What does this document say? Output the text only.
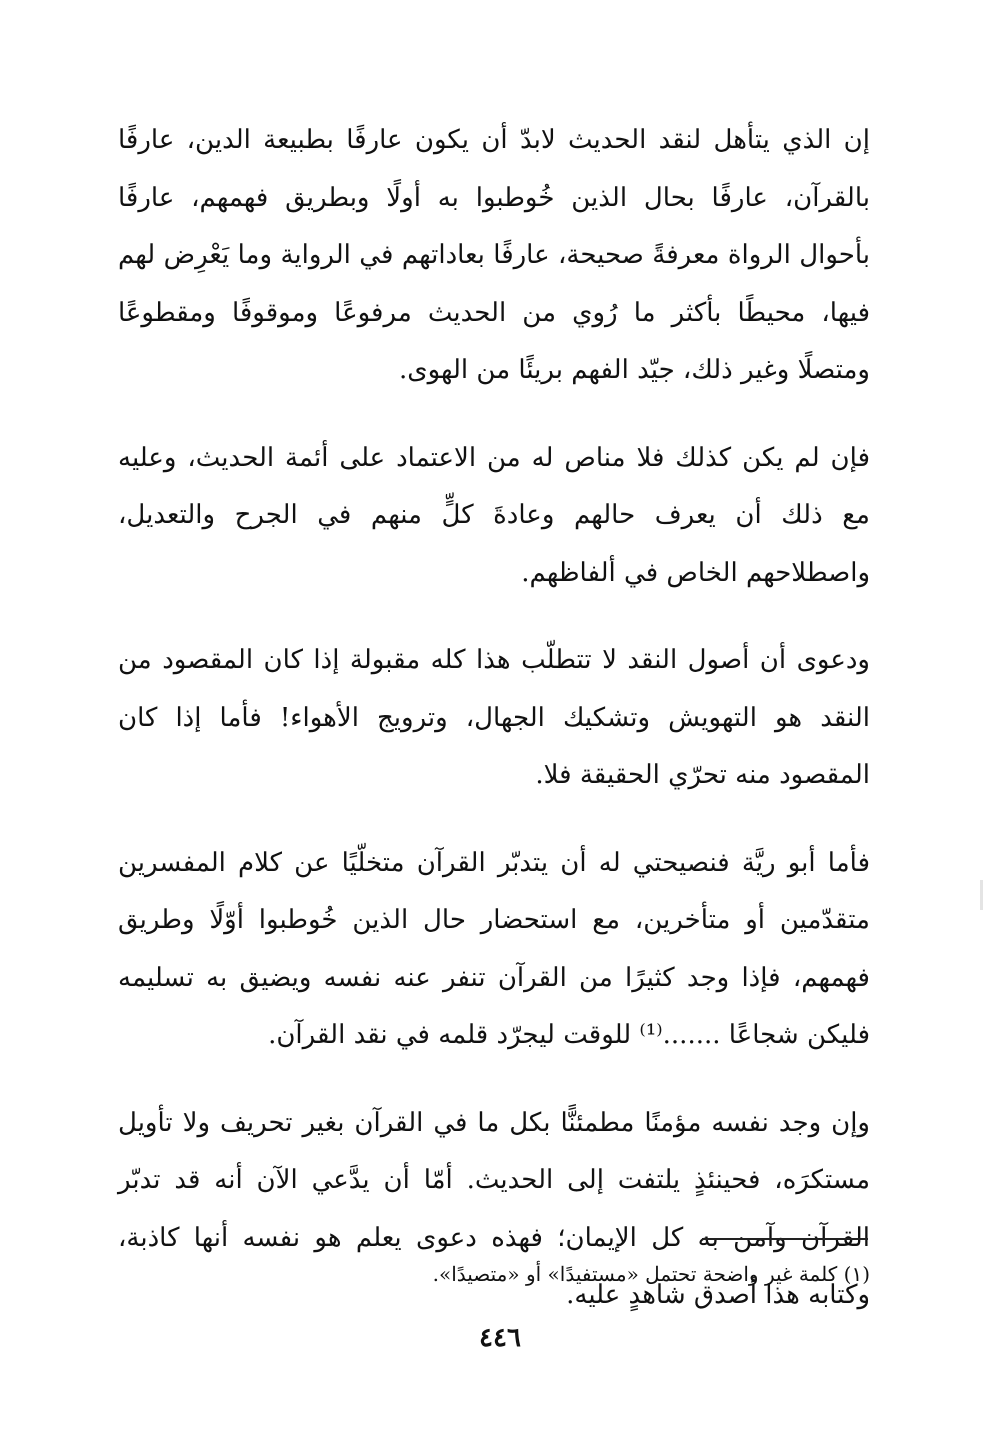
إن الذي يتأهل لنقد الحديث لابدّ أن يكون عارفًا بطبيعة الدين، عارفًا بالقرآن، عارفًا بحال الذين خُوطبوا به أولًا وبطريق فهمهم، عارفًا بأحوال الرواة معرفةً صحيحة، عارفًا بعاداتهم في الرواية وما يَعْرِض لهم فيها، محيطًا بأكثر ما رُوي من الحديث مرفوعًا وموقوفًا ومقطوعًا ومتصلًا وغير ذلك، جيّد الفهم بريئًا من الهوى.

فإن لم يكن كذلك فلا مناص له من الاعتماد على أئمة الحديث، وعليه مع ذلك أن يعرف حالهم وعادةَ كلٍّ منهم في الجرح والتعديل، واصطلاحهم الخاص في ألفاظهم.

ودعوى أن أصول النقد لا تتطلّب هذا كله مقبولة إذا كان المقصود من النقد هو التهويش وتشكيك الجهال، وترويج الأهواء! فأما إذا كان المقصود منه تحرّي الحقيقة فلا.

فأما أبو ريَّة فنصيحتي له أن يتدبّر القرآن متخلّيًا عن كلام المفسرين متقدّمين أو متأخرين، مع استحضار حال الذين خُوطبوا أوّلًا وطريق فهمهم، فإذا وجد كثيرًا من القرآن تنفر عنه نفسه ويضيق به تسليمه فليكن شجاعًا .......⁽¹⁾ للوقت ليجرّد قلمه في نقد القرآن.

وإن وجد نفسه مؤمنًا مطمئنًّا بكل ما في القرآن بغير تحريف ولا تأويل مستكرَه، فحينئذٍ يلتفت إلى الحديث. أمّا أن يدَّعي الآن أنه قد تدبّر القرآن وآمن به كل الإيمان؛ فهذه دعوى يعلم هو نفسه أنها كاذبة، وكتابه هذا أصدق شاهدٍ عليه.

(١) كلمة غير واضحة تحتمل «مستفيدًا» أو «متصيدًا».
٤٤٦
